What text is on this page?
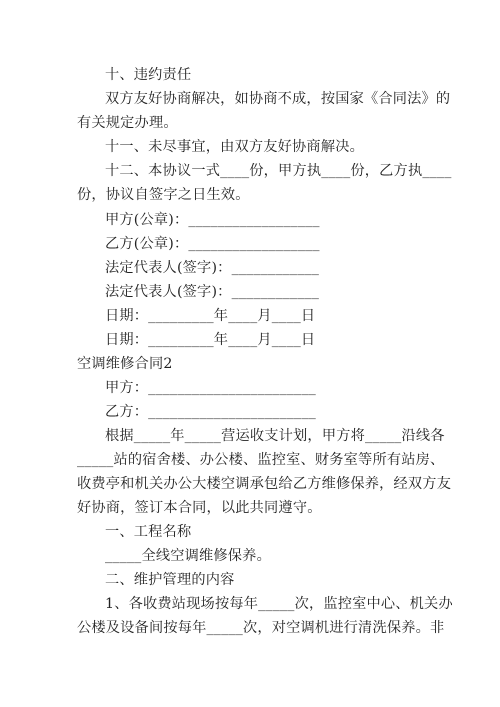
十、违约责任
双方友好协商解决，如协商不成，按国家《合同法》的
有关规定办理。
十一、未尽事宜，由双方友好协商解决。
十二、本协议一式____份，甲方执____份，乙方执____
份，协议自签字之日生效。
甲方(公章)：__________________
乙方(公章)：__________________
法定代表人(签字)：____________
法定代表人(签字)：____________
日期：_________年____月____日
日期：_________年____月____日
空调维修合同2
甲方：_______________________
乙方：_______________________
根据_____年_____营运收支计划，甲方将_____沿线各
_____站的宿舍楼、办公楼、监控室、财务室等所有站房、
收费亭和机关办公大楼空调承包给乙方维修保养，经双方友
好协商，签订本合同，以此共同遵守。
一、工程名称
_____全线空调维修保养。
二、维护管理的内容
1、各收费站现场按每年_____次，监控室中心、机关办
公楼及设备间按每年_____次，对空调机进行清洗保养。非
